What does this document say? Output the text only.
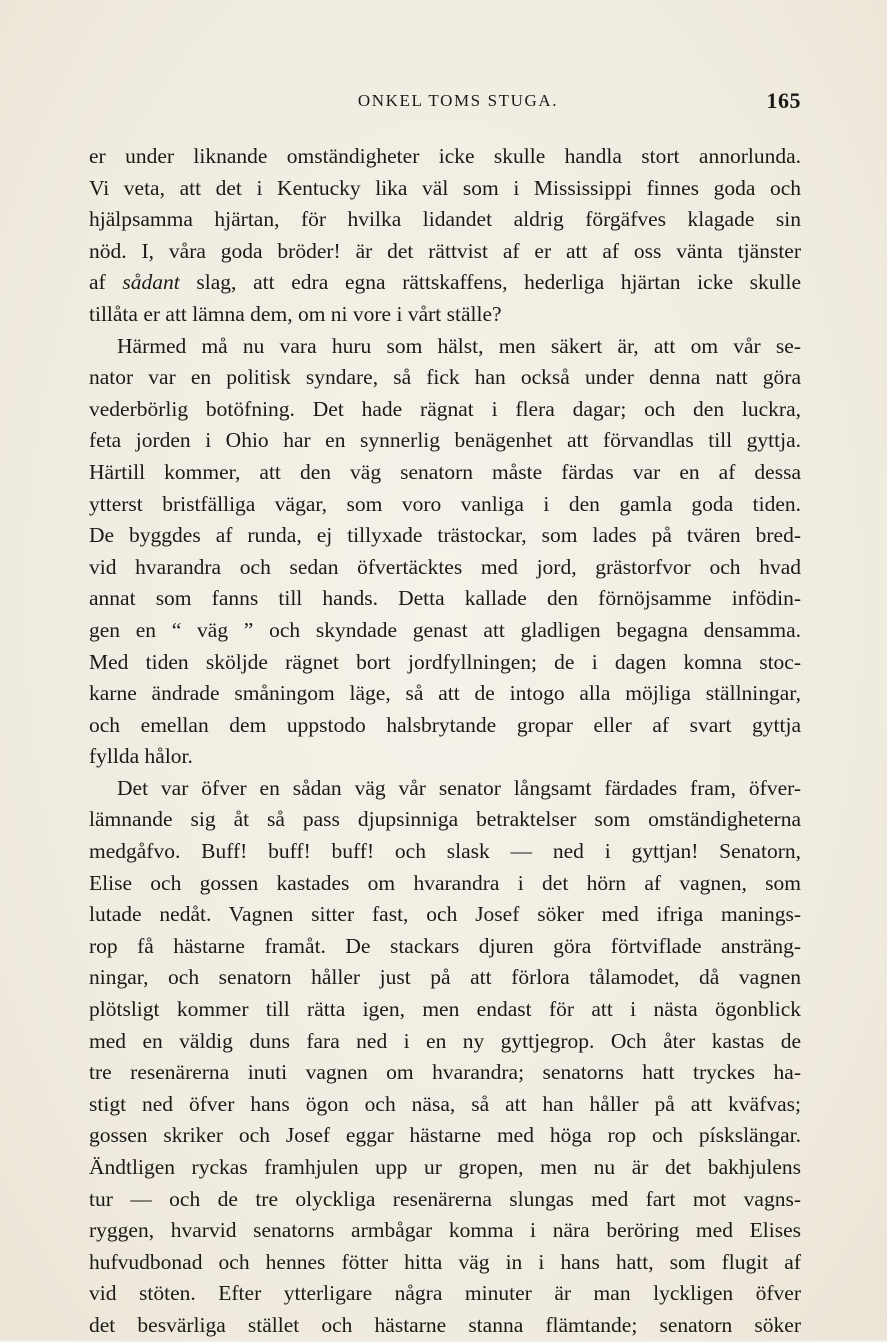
ONKEL TOMS STUGA.	165
er under liknande omständigheter icke skulle handla stort annorlunda.
Vi veta, att det i Kentucky lika väl som i Mississippi finnes goda och
hjälpsamma hjärtan, för hvilka lidandet aldrig förgäfves klagade sin
nöd. I, våra goda bröder! är det rättvist af er att af oss vänta tjänster
af sådant slag, att edra egna rättskaffens, hederliga hjärtan icke skulle
tillåta er att lämna dem, om ni vore i vårt ställe?
Härmed må nu vara huru som hälst, men säkert är, att om vår se-
nator var en politisk syndare, så fick han också under denna natt göra
vederbörlig botöfning. Det hade rägnat i flera dagar; och den luckra,
feta jorden i Ohio har en synnerlig benägenhet att förvandlas till gyttja.
Härtill kommer, att den väg senatorn måste färdas var en af dessa
ytterst bristfälliga vägar, som voro vanliga i den gamla goda tiden.
De byggdes af runda, ej tillyxade trästockar, som lades på tvären bred-
vid hvarandra och sedan öfvertäcktes med jord, grästorfvor och hvad
annat som fanns till hands. Detta kallade den förnöjsamme infödin-
gen en “ väg ” och skyndade genast att gladligen begagna densamma.
Med tiden sköljde rägnet bort jordfyllningen; de i dagen komna stoc-
karne ändrade småningom läge, så att de intogo alla möjliga ställningar,
och emellan dem uppstodo halsbrytande gropar eller af svart gyttja
fyllda hålor.
Det var öfver en sådan väg vår senator långsamt färdades fram, öfver-
lämnande sig åt så pass djupsinniga betraktelser som omständigheterna
medgåfvo. Buff! buff! buff! och slask — ned i gyttjan! Senatorn,
Elise och gossen kastades om hvarandra i det hörn af vagnen, som
lutade nedåt. Vagnen sitter fast, och Josef söker med ifriga manings-
rop få hästarne framåt. De stackars djuren göra förtviflade ansträng-
ningar, och senatorn håller just på att förlora tålamodet, då vagnen
plötsligt kommer till rätta igen, men endast för att i nästa ögonblick
med en väldig duns fara ned i en ny gyttjegrop. Och åter kastas de
tre resenärerna inuti vagnen om hvarandra; senatorns hatt tryckes ha-
stigt ned öfver hans ögon och näsa, så att han håller på att kväfvas;
gossen skriker och Josef eggar hästarne med höga rop och pískslängar.
Ändtligen ryckas framhjulen upp ur gropen, men nu är det bakhjulens
tur — och de tre olyckliga resenärerna slungas med fart mot vagns-
ryggen, hvarvid senatorns armbågar komma i nära beröring med Elises
hufvudbonad och hennes fötter hitta väg in i hans hatt, som flugit af
vid stöten. Efter ytterligare några minuter är man lyckligen öfver
det besvärliga stället och hästarne stanna flämtande; senatorn söker
